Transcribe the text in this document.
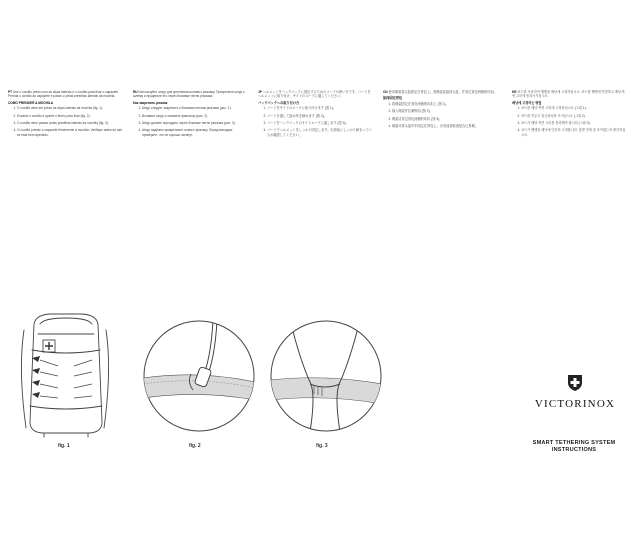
PT Use o cordão preso com as alças laterais e o cordão para fixar o capacete. Prenda o cordão ao capacete e passe-o pelas presilhas laterais da mochila.

COMO PRENDER A MOCHILA
1. O cordão deve ser preso às alças laterais da mochila (fig. 1).
2. Encaixe o cordão e aperte o fecho para fixar (fig. 2).
3. O cordão deve passar pelas presilhas laterais da mochila (fig. 3).
4. O cordão prende o capacete firmemente à mochila. Verifique antes de sair se está bem apertado.

RU Используйте шнур для крепления шлема к рюкзаку. Прикрепите шнур к шлему и проденьте его через боковые петли рюкзака.

Как закрепить рюкзак
1. Шнур следует закрепить к боковым петлям рюкзака (рис. 1).
2. Вставьте шнур и затяните фиксатор (рис. 2).
3. Шнур должен проходить через боковые петли рюкзака (рис. 3).
4. Шнур надёжно прикрепляет шлем к рюкзаку. Перед выходом проверьте, что он хорошо затянут.

JP ヘルメットをバックパックに固定するためのコードの使い方です。コードをヘルメットに取り付け、サイドのループに通してください。

バックパックへの取り付け方
1. コードをサイドのループに取り付けます (図 1)。
2. コードを通して留め具を締めます (図 2)。
3. コードをバックパックのサイドループに通します (図 3)。
4. コードでヘルメットをしっかり固定します。出発前にしっかり締まっているか確認してください。

CN 使用绳索将头盔固定在背包上。将绳索连接到头盔，并穿过背包两侧的环扣。

如何固定背包
1. 将绳索固定在背包两侧的环扣上 (图 1)。
2. 插入绳索并拉紧锁扣 (图 2)。
3. 绳索应穿过背包两侧的环扣 (图 3)。
4. 绳索可将头盔牢牢固定在背包上。出发前请检查是否已系紧。

KR 코드를 사용하여 헬멧을 배낭에 고정하십시오. 코드를 헬멧에 연결하고 배낭 측면 고리에 통과시키십시오.

배낭에 고정하는 방법
1. 코드를 배낭 측면 고리에 고정하십시오 (그림 1).
2. 코드를 끼우고 잠금장치를 조이십시오 (그림 2).
3. 코드가 배낭 측면 고리를 통과해야 합니다 (그림 3).
4. 코드가 헬멧을 배낭에 단단히 고정합니다. 출발 전에 잘 조여졌는지 확인하십시오.
fig. 1	fig. 2	fig. 3
VICTORINOX
SMART TETHERING SYSTEM
INSTRUCTIONS
